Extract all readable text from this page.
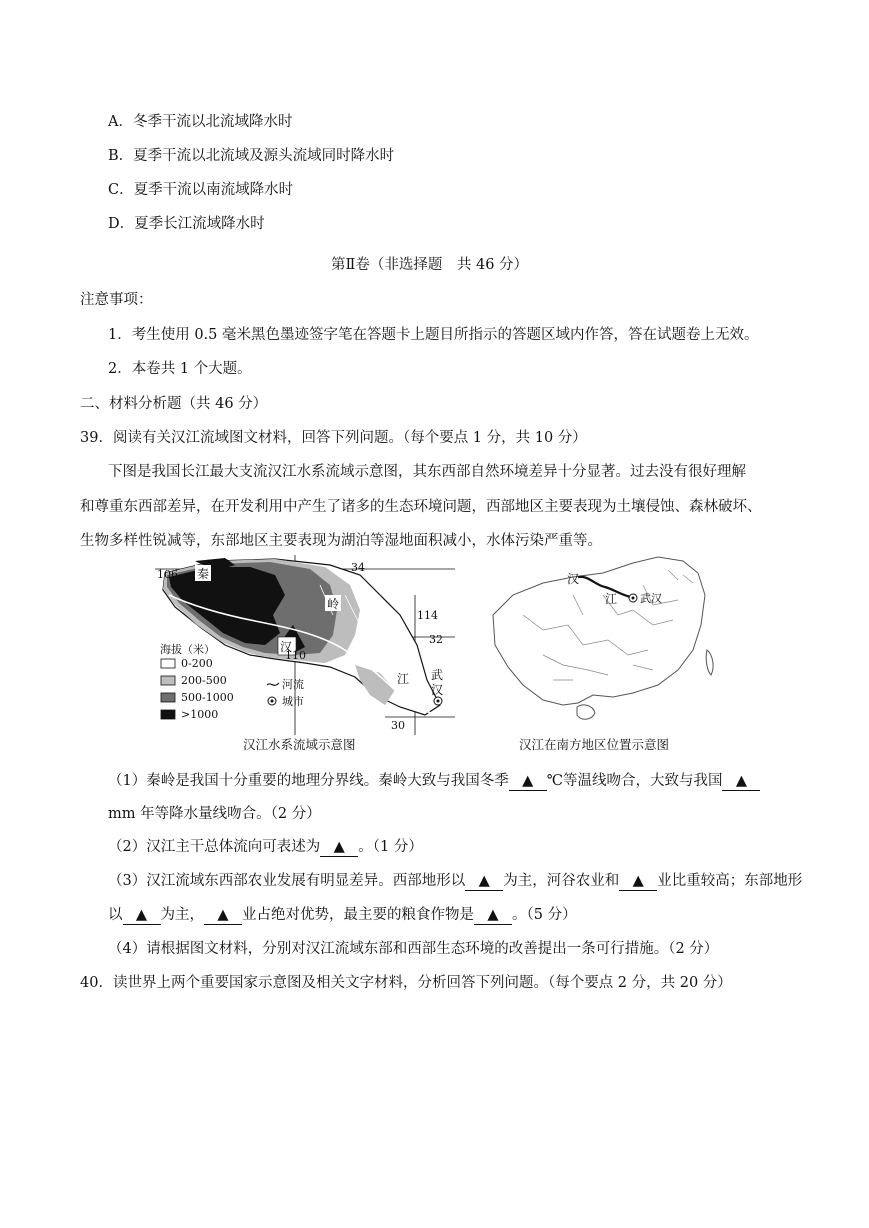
A．冬季干流以北流域降水时
B．夏季干流以北流域及源头流域同时降水时
C．夏季干流以南流域降水时
D．夏季长江流域降水时
第Ⅱ卷（非选择题　共 46 分）
注意事项：
1．考生使用 0.5 毫米黑色墨迹签字笔在答题卡上题目所指示的答题区域内作答，答在试题卷上无效。
2．本卷共 1 个大题。
二、材料分析题（共 46 分）
39．阅读有关汉江流域图文材料，回答下列问题。（每个要点 1 分，共 10 分）
下图是我国长江最大支流汉江水系流域示意图，其东西部自然环境差异十分显著。过去没有很好理解
和尊重东西部差异，在开发利用中产生了诸多的生态环境问题，西部地区主要表现为土壤侵蚀、森林破坏、
生物多样性锐减等，东部地区主要表现为湖泊等湿地面积减小，水体污染严重等。
秦
岭
汉
江 武
汉
106
34
114
32
110
30
海拔（米）
0-200
200-500
500-1000
>1000
河流
城市
汉江水系流域示意图
汉
江 武汉
汉江在南方地区位置示意图
（1）秦岭是我国十分重要的地理分界线。秦岭大致与我国冬季 ▲ ℃等温线吻合，大致与我国 ▲
mm 年等降水量线吻合。（2 分）
（2）汉江主干总体流向可表述为 ▲ 。（1 分）
（3）汉江流域东西部农业发展有明显差异。西部地形以 ▲ 为主，河谷农业和 ▲ 业比重较高；东部地形
以 ▲ 为主， ▲ 业占绝对优势，最主要的粮食作物是 ▲ 。（5 分）
（4）请根据图文材料，分别对汉江流域东部和西部生态环境的改善提出一条可行措施。（2 分）
40．读世界上两个重要国家示意图及相关文字材料，分析回答下列问题。（每个要点 2 分，共 20 分）
